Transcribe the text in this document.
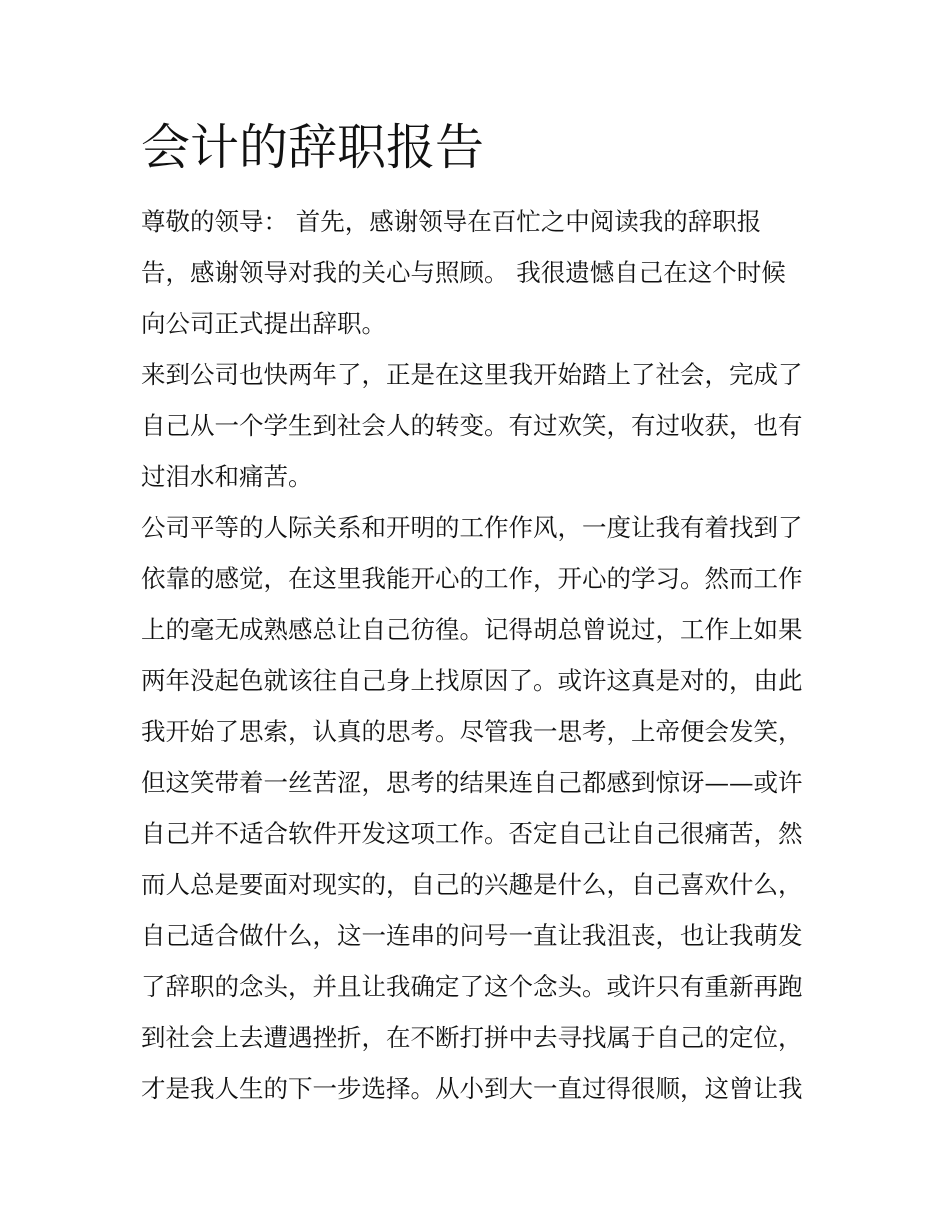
会计的辞职报告
尊敬的领导： 首先，感谢领导在百忙之中阅读我的辞职报
告，感谢领导对我的关心与照顾。 我很遗憾自己在这个时候
向公司正式提出辞职。
来到公司也快两年了，正是在这里我开始踏上了社会，完成了
自己从一个学生到社会人的转变。有过欢笑，有过收获，也有
过泪水和痛苦。
公司平等的人际关系和开明的工作作风，一度让我有着找到了
依靠的感觉，在这里我能开心的工作，开心的学习。然而工作
上的毫无成熟感总让自己彷徨。记得胡总曾说过，工作上如果
两年没起色就该往自己身上找原因了。或许这真是对的，由此
我开始了思索，认真的思考。尽管我一思考，上帝便会发笑，
但这笑带着一丝苦涩，思考的结果连自己都感到惊讶——或许
自己并不适合软件开发这项工作。否定自己让自己很痛苦，然
而人总是要面对现实的，自己的兴趣是什么，自己喜欢什么，
自己适合做什么，这一连串的问号一直让我沮丧，也让我萌发
了辞职的念头，并且让我确定了这个念头。或许只有重新再跑
到社会上去遭遇挫折，在不断打拼中去寻找属于自己的定位，
才是我人生的下一步选择。从小到大一直过得很顺，这曾让我
